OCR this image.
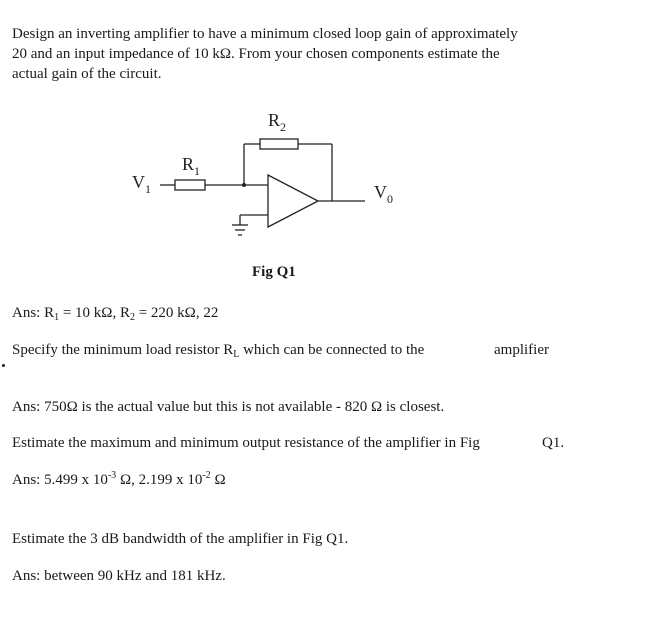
Design an inverting amplifier to have a minimum closed loop gain of approximately
20 and an input impedance of 10 kΩ. From your chosen components estimate the
actual gain of the circuit.
$R_2$
$R_1$
$V_1$	$V_0$
Fig Q1
Ans: $R_1 = 10$ kΩ, $R_2 = 220$ kΩ, 22
Specify the minimum load resistor $R_L$ which can be connected to the	amplifier
Ans: 750Ω is the actual value but this is not available - 820 Ω is closest.
Estimate the maximum and minimum output resistance of the amplifier in Fig	Q1.
Ans: 5.499 x $10^{-3}$ Ω, 2.199 x $10^{-2}$ Ω
Estimate the 3 dB bandwidth of the amplifier in Fig Q1.
Ans: between 90 kHz and 181 kHz.
